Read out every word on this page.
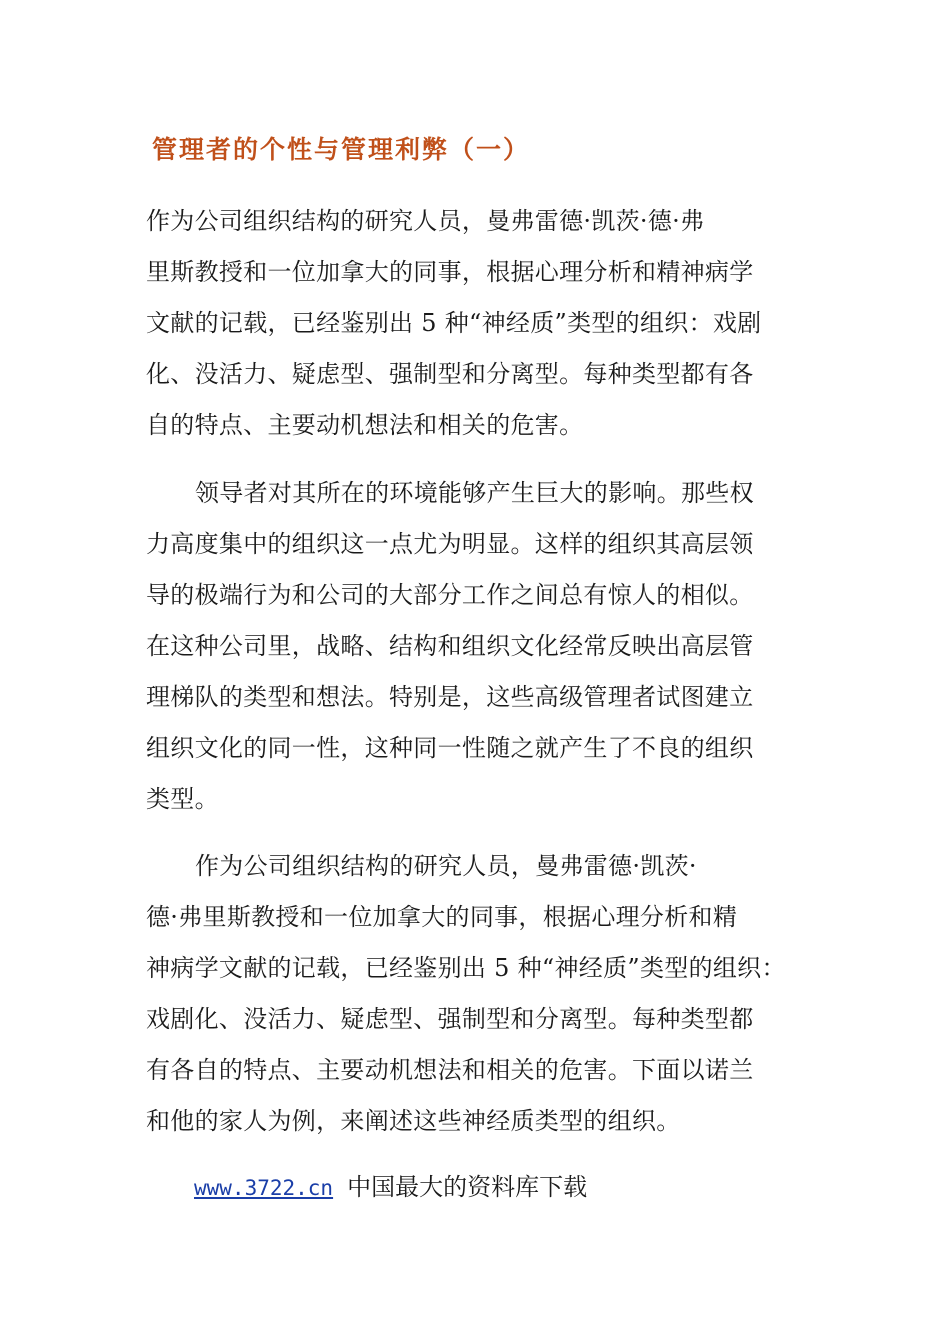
管理者的个性与管理利弊（一）
作为公司组织结构的研究人员，曼弗雷德·凯茨·德·弗
里斯教授和一位加拿大的同事，根据心理分析和精神病学
文献的记载，已经鉴别出 5 种“神经质”类型的组织：戏剧
化、没活力、疑虑型、强制型和分离型。每种类型都有各
自的特点、主要动机想法和相关的危害。
领导者对其所在的环境能够产生巨大的影响。那些权
力高度集中的组织这一点尤为明显。这样的组织其高层领
导的极端行为和公司的大部分工作之间总有惊人的相似。
在这种公司里，战略、结构和组织文化经常反映出高层管
理梯队的类型和想法。特别是，这些高级管理者试图建立
组织文化的同一性，这种同一性随之就产生了不良的组织
类型。
作为公司组织结构的研究人员，曼弗雷德·凯茨·
德·弗里斯教授和一位加拿大的同事，根据心理分析和精
神病学文献的记载，已经鉴别出 5 种“神经质”类型的组织：
戏剧化、没活力、疑虑型、强制型和分离型。每种类型都
有各自的特点、主要动机想法和相关的危害。下面以诺兰
和他的家人为例，来阐述这些神经质类型的组织。
www.3722.cn 中国最大的资料库下载
